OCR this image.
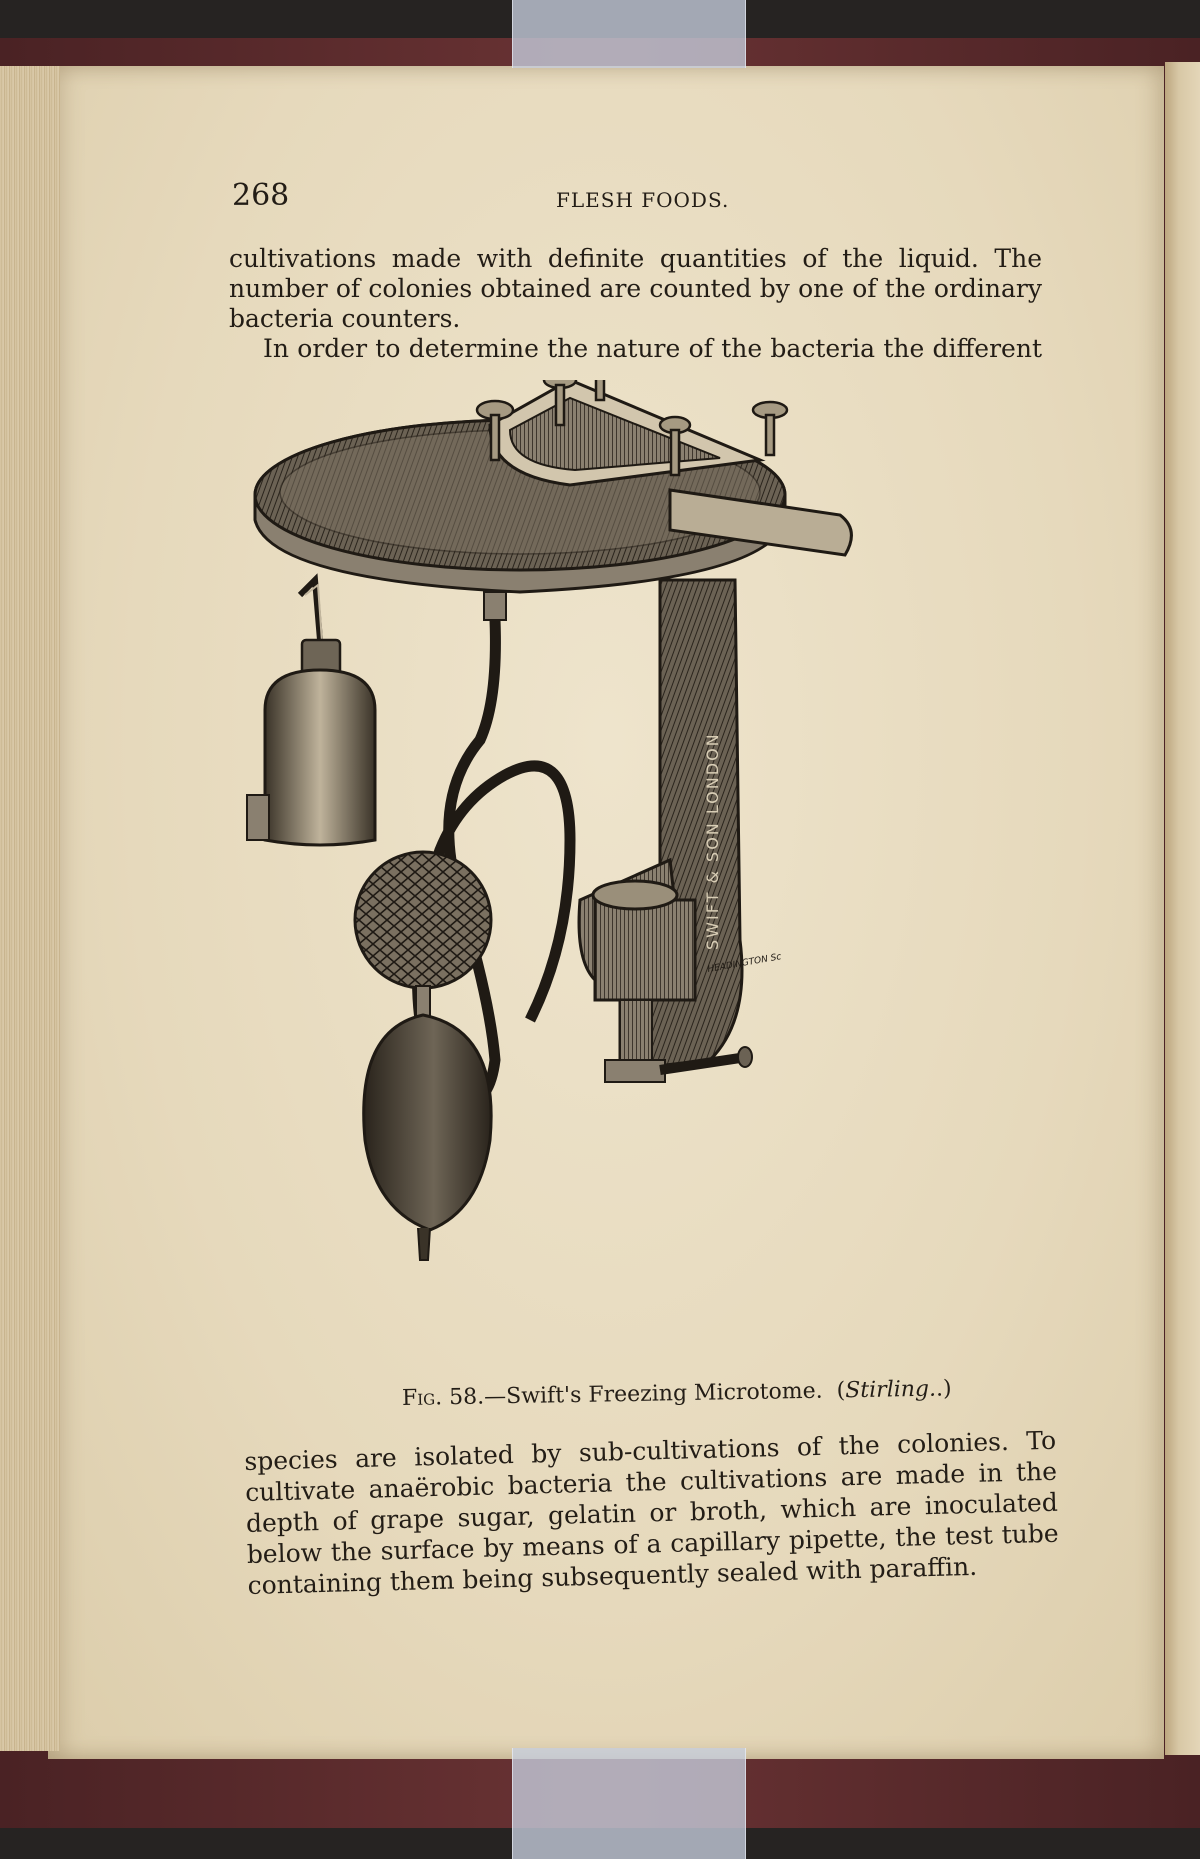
268	FLESH FOODS.

cultivations made with definite quantities of the liquid. The number of colonies obtained are counted by one of the ordinary bacteria counters.

In order to determine the nature of the bacteria the different

SWIFT & SON LONDON
HEADINGTON Sc
Fig. 58.—Swift's Freezing Microtome. (Stirling..)

species are isolated by sub-cultivations of the colonies. To cultivate anaërobic bacteria the cultivations are made in the depth of grape sugar, gelatin or broth, which are inoculated below the surface by means of a capillary pipette, the test tube containing them being subsequently sealed with paraffin.
